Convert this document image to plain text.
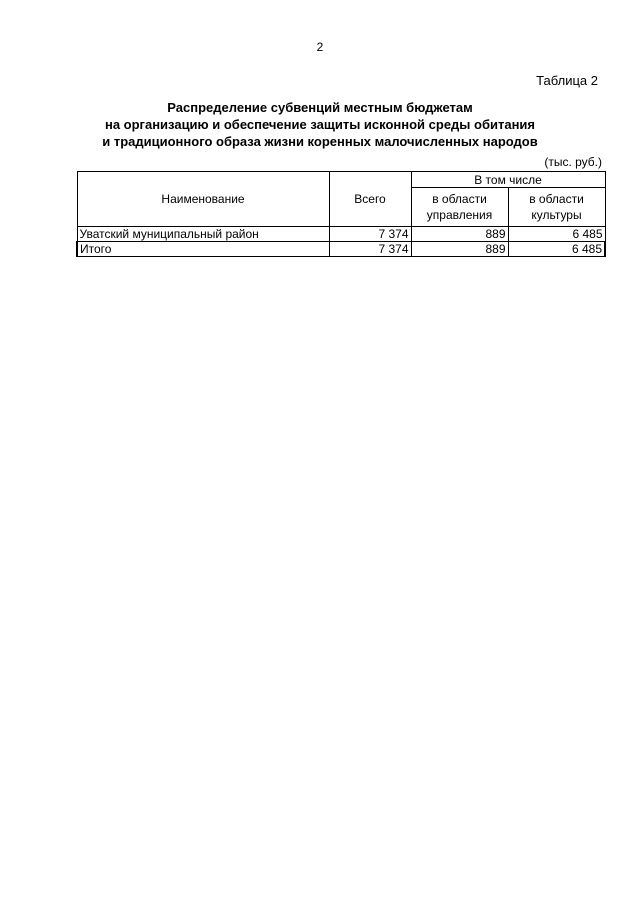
2
Таблица 2
Распределение субвенций местным бюджетам
на организацию и обеспечение защиты исконной среды обитания
и традиционного образа жизни коренных малочисленных народов
(тыс. руб.)
Наименование	Всего	В том числе	
		в области управления	в области культуры
Уватский муниципальный район	7 374	889	6 485
Итого	7 374	889	6 485
